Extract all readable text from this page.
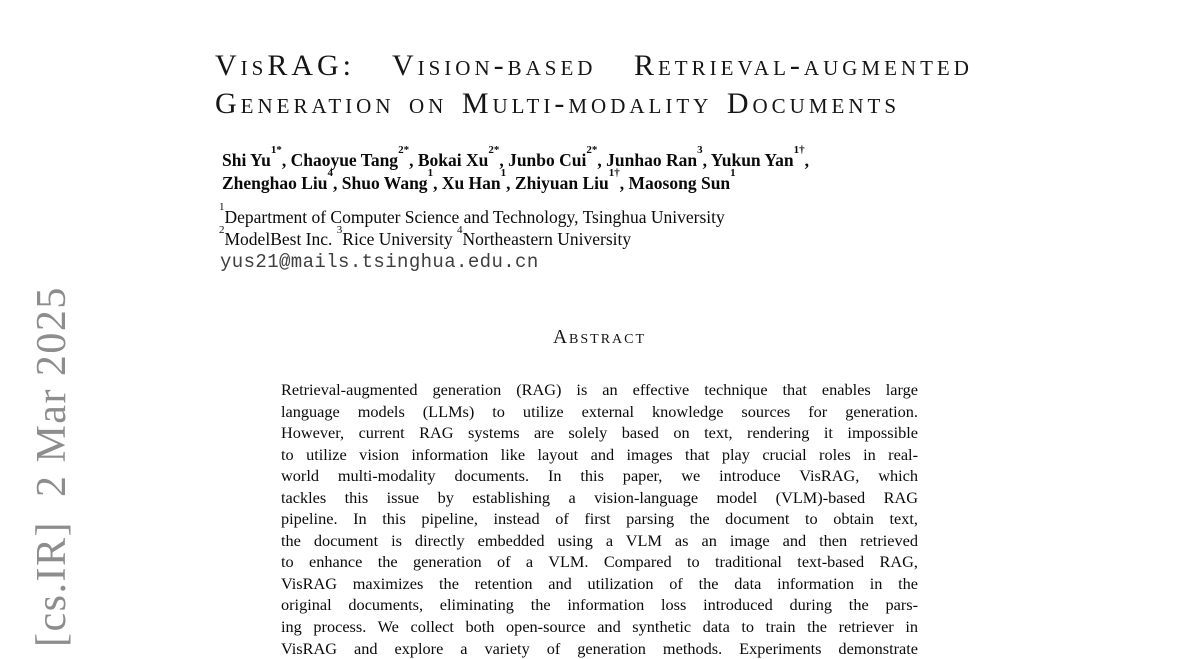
[cs.IR]  2 Mar 2025
VisRAG: Vision-based Retrieval-augmented
Generation on Multi-modality Documents
Shi $Yu^{1*}$, Chaoyue Tang$^{2*}$, Bokai $Xu^{2*}$, Junbo Cui$^{2*}$, Junhao Ran$^3$, Yukun Yan$^{1\dagger}$,
Zhenghao Liu$^4$, Shuo Wang$^1$, Xu Han$^1$, Zhiyuan Liu$^{1\dagger}$, Maosong Sun$^1$
$^1$Department of Computer Science and Technology, Tsinghua University
$^2$ModelBest Inc. $^3$Rice University $^4$Northeastern University
yus21@mails.tsinghua.edu.cn
Abstract
Retrieval-augmented generation (RAG) is an effective technique that enables large
language models (LLMs) to utilize external knowledge sources for generation.
However, current RAG systems are solely based on text, rendering it impossible
to utilize vision information like layout and images that play crucial roles in real-
world multi-modality documents. In this paper, we introduce VisRAG, which
tackles this issue by establishing a vision-language model (VLM)-based RAG
pipeline. In this pipeline, instead of first parsing the document to obtain text,
the document is directly embedded using a VLM as an image and then retrieved
to enhance the generation of a VLM. Compared to traditional text-based RAG,
VisRAG maximizes the retention and utilization of the data information in the
original documents, eliminating the information loss introduced during the pars-
ing process. We collect both open-source and synthetic data to train the retriever in
VisRAG and explore a variety of generation methods. Experiments demonstrate
